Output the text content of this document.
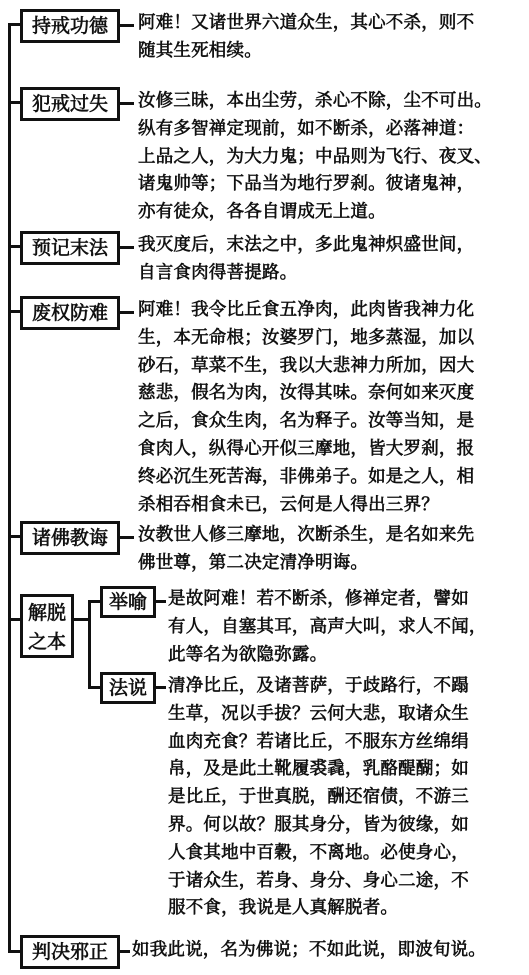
持戒功德	阿难！又诸世界六道众生，其心不杀，则不
随其生死相续。
犯戒过失	汝修三昧，本出尘劳，杀心不除，尘不可出。
纵有多智禅定现前，如不断杀，必落神道：
上品之人，为大力鬼；中品则为飞行、夜叉、
诸鬼帅等；下品当为地行罗刹。彼诸鬼神，
亦有徒众，各各自谓成无上道。
预记末法	我灭度后，末法之中，多此鬼神炽盛世间，
自言食肉得菩提路。
废权防难	阿难！我令比丘食五净肉，此肉皆我神力化
生，本无命根；汝婆罗门，地多蒸湿，加以
砂石，草菜不生，我以大悲神力所加，因大
慈悲，假名为肉，汝得其味。奈何如来灭度
之后，食众生肉，名为释子。汝等当知，是
食肉人，纵得心开似三摩地，皆大罗刹，报
终必沉生死苦海，非佛弟子。如是之人，相
杀相吞相食未已，云何是人得出三界？
诸佛教诲	汝教世人修三摩地，次断杀生，是名如来先
佛世尊，第二决定清净明诲。
解脱
之本
举喻	是故阿难！若不断杀，修禅定者，譬如
有人，自塞其耳，高声大叫，求人不闻，
此等名为欲隐弥露。
法说	清净比丘，及诸菩萨，于歧路行，不蹋
生草，况以手拔？云何大悲，取诸众生
血肉充食？若诸比丘，不服东方丝绵绢
帛，及是此土靴履裘毳，乳酪醍醐；如
是比丘，于世真脱，酬还宿债，不游三
界。何以故？服其身分，皆为彼缘，如
人食其地中百穀，不离地。必使身心，
于诸众生，若身、身分、身心二途，不
服不食，我说是人真解脱者。
判决邪正	如我此说，名为佛说；不如此说，即波旬说。
